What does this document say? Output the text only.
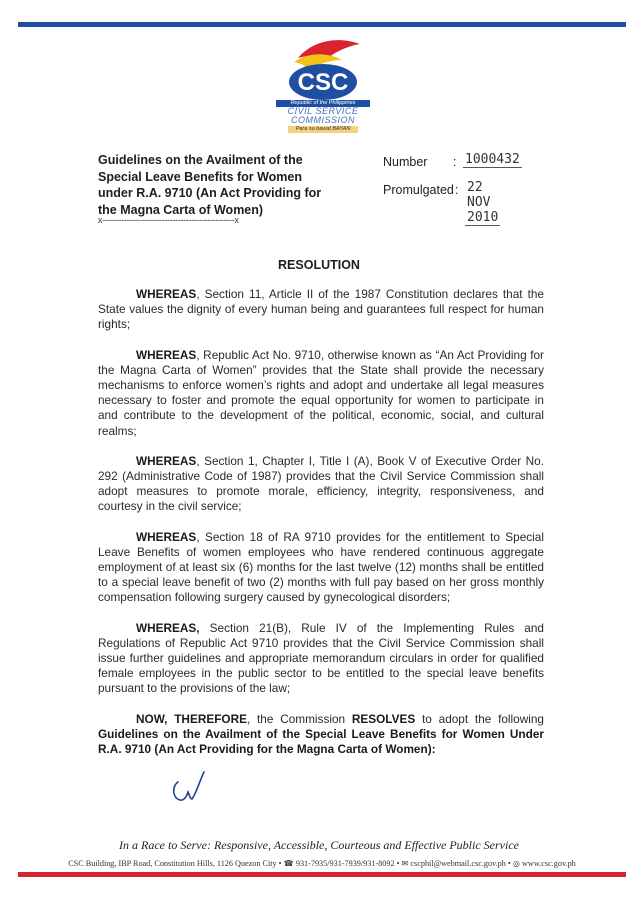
CSC
Republic of the Philippines
CIVIL SERVICE
COMMISSION
Para sa bawat BAYAN
Guidelines on the Availment of the Special Leave Benefits for Women under R.A. 9710 (An Act Providing for the Magna Carta of Women)
x-------------------------------------------------x
Number : 1000432
Promulgated : 22 NOV 2010
RESOLUTION

WHEREAS, Section 11, Article II of the 1987 Constitution declares that the State values the dignity of every human being and guarantees full respect for human rights;

WHEREAS, Republic Act No. 9710, otherwise known as “An Act Providing for the Magna Carta of Women” provides that the State shall provide the necessary mechanisms to enforce women’s rights and adopt and undertake all legal measures necessary to foster and promote the equal opportunity for women to participate in and contribute to the development of the political, economic, social, and cultural realms;

WHEREAS, Section 1, Chapter I, Title I (A), Book V of Executive Order No. 292 (Administrative Code of 1987) provides that the Civil Service Commission shall adopt measures to promote morale, efficiency, integrity, responsiveness, and courtesy in the civil service;

WHEREAS, Section 18 of RA 9710 provides for the entitlement to Special Leave Benefits of women employees who have rendered continuous aggregate employment of at least six (6) months for the last twelve (12) months shall be entitled to a special leave benefit of two (2) months with full pay based on her gross monthly compensation following surgery caused by gynecological disorders;

WHEREAS, Section 21(B), Rule IV of the Implementing Rules and Regulations of Republic Act 9710 provides that the Civil Service Commission shall issue further guidelines and appropriate memorandum circulars in order for qualified female employees in the public sector to be entitled to the special leave benefits pursuant to the provisions of the law;

NOW, THEREFORE, the Commission RESOLVES to adopt the following Guidelines on the Availment of the Special Leave Benefits for Women Under R.A. 9710 (An Act Providing for the Magna Carta of Women):

In a Race to Serve: Responsive, Accessible, Courteous and Effective Public Service
CSC Building, IBP Road, Constitution Hills, 1126 Quezon City • ☎ 931-7935/931-7939/931-8092 • ✉ cscphil@webmail.csc.gov.ph • ◎ www.csc.gov.ph
